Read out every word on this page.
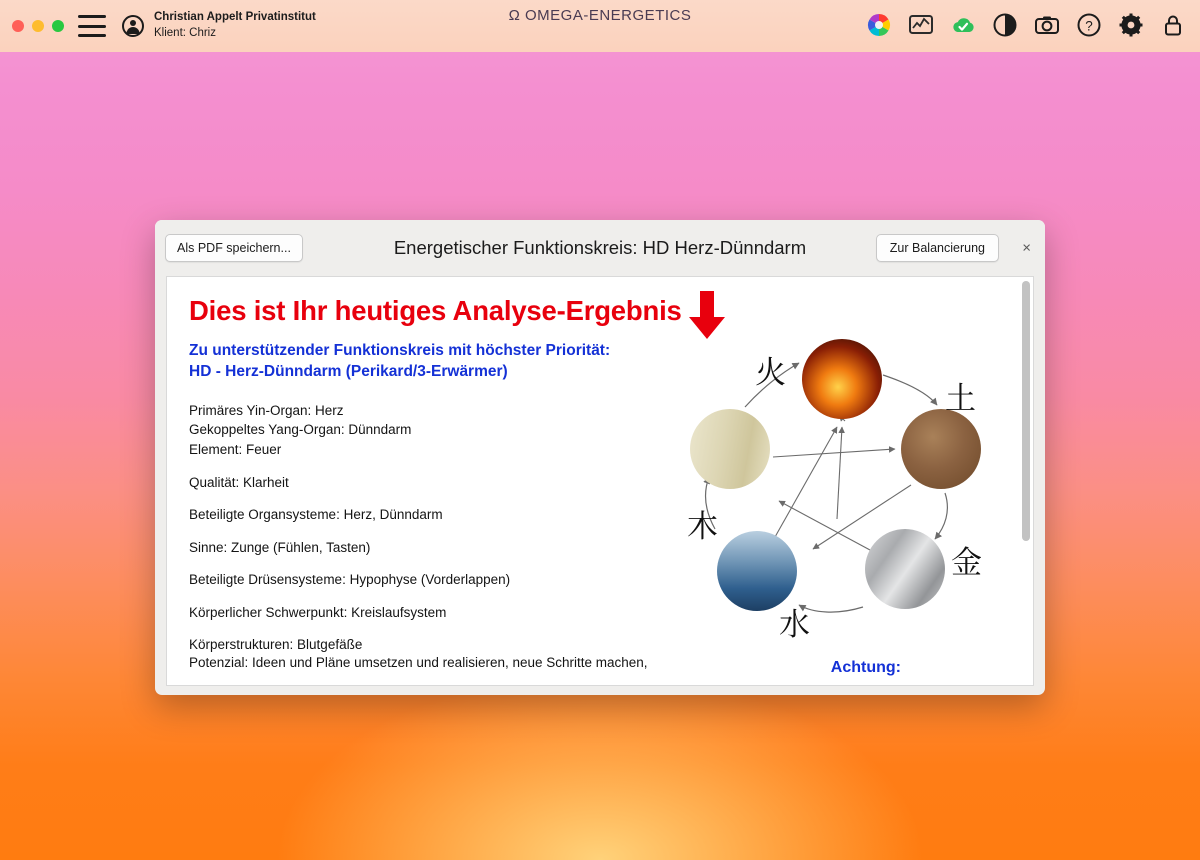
Christian Appelt Privatinstitut
Klient: Chriz
Ω OMEGA-ENERGETICS
?
Als PDF speichern...	Energetischer Funktionskreis: HD Herz-Dünndarm	Zur Balancierung	×
Dies ist Ihr heutiges Analyse-Ergebnis
Zu unterstützender Funktionskreis mit höchster Priorität:
HD - Herz-Dünndarm (Perikard/3-Erwärmer)
Primäres Yin-Organ: Herz
Gekoppeltes Yang-Organ: Dünndarm
Element: Feuer
Qualität: Klarheit
Beteiligte Organsysteme: Herz, Dünndarm
Sinne: Zunge (Fühlen, Tasten)
Beteiligte Drüsensysteme: Hypophyse (Vorderlappen)
Körperlicher Schwerpunkt: Kreislaufsystem
Körperstrukturen: Blutgefäße
Potenzial: Ideen und Pläne umsetzen und realisieren, neue Schritte machen,
火
土
金
水
木
Achtung:
